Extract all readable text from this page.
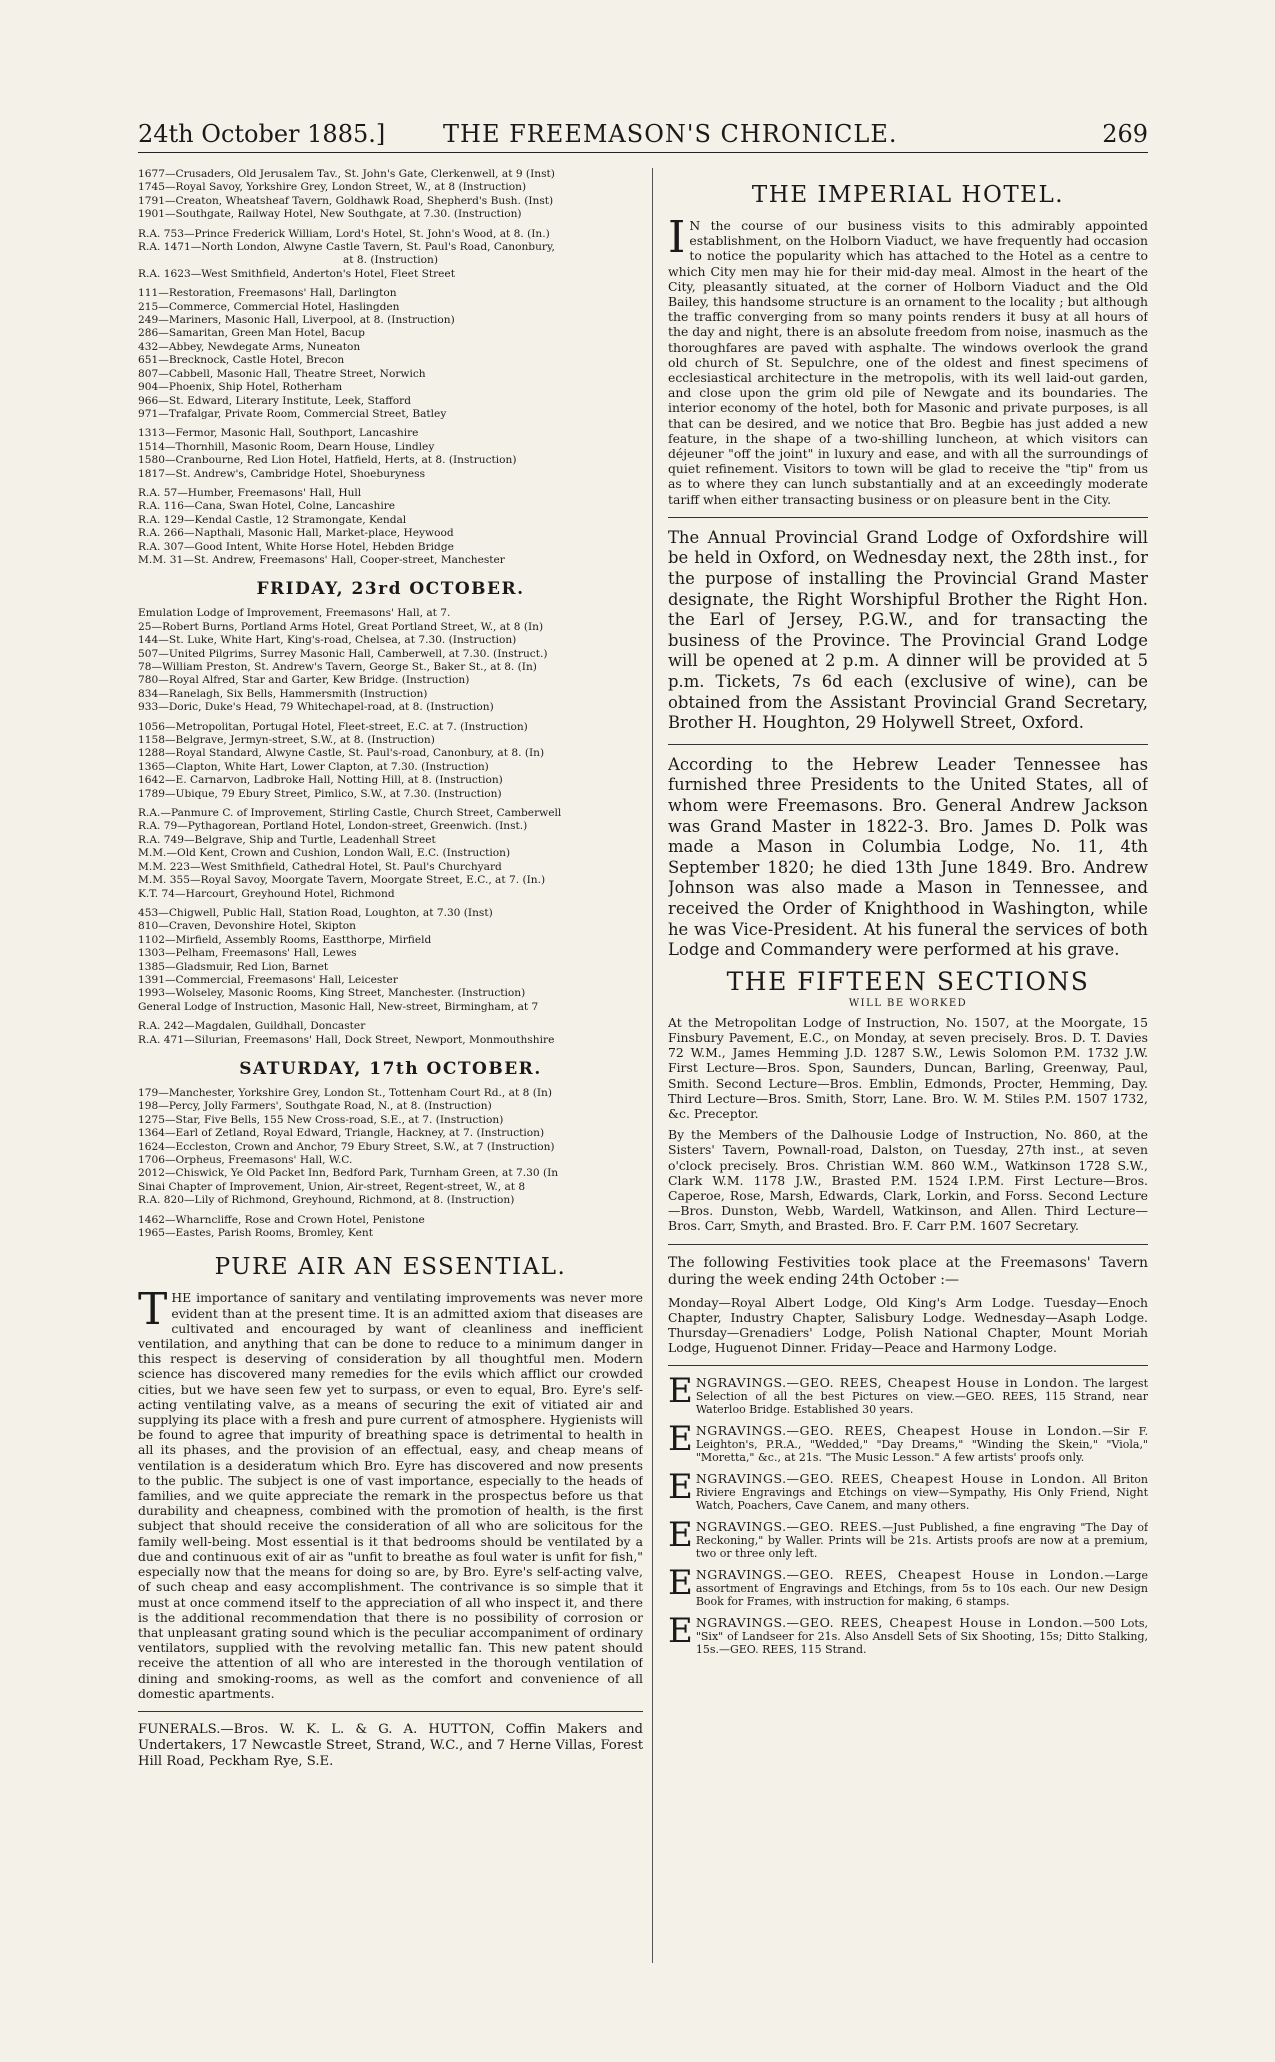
24th October 1885.] THE FREEMASON'S CHRONICLE.	269

1677—Crusaders, Old Jerusalem Tav., St. John's Gate, Clerkenwell, at 9 (Inst)

1745—Royal Savoy, Yorkshire Grey, London Street, W., at 8 (Instruction)

1791—Creaton, Wheatsheaf Tavern, Goldhawk Road, Shepherd's Bush. (Inst)

1901—Southgate, Railway Hotel, New Southgate, at 7.30. (Instruction)

R.A. 753—Prince Frederick William, Lord's Hotel, St. John's Wood, at 8. (In.)

R.A. 1471—North London, Alwyne Castle Tavern, St. Paul's Road, Canonbury,

at 8. (Instruction)

R.A. 1623—West Smithfield, Anderton's Hotel, Fleet Street

111—Restoration, Freemasons' Hall, Darlington

215—Commerce, Commercial Hotel, Haslingden

249—Mariners, Masonic Hall, Liverpool, at 8. (Instruction)

286—Samaritan, Green Man Hotel, Bacup

432—Abbey, Newdegate Arms, Nuneaton

651—Brecknock, Castle Hotel, Brecon

807—Cabbell, Masonic Hall, Theatre Street, Norwich

904—Phoenix, Ship Hotel, Rotherham

966—St. Edward, Literary Institute, Leek, Stafford

971—Trafalgar, Private Room, Commercial Street, Batley

1313—Fermor, Masonic Hall, Southport, Lancashire

1514—Thornhill, Masonic Room, Dearn House, Lindley

1580—Cranbourne, Red Lion Hotel, Hatfield, Herts, at 8. (Instruction)

1817—St. Andrew's, Cambridge Hotel, Shoeburyness

R.A. 57—Humber, Freemasons' Hall, Hull

R.A. 116—Cana, Swan Hotel, Colne, Lancashire

R.A. 129—Kendal Castle, 12 Stramongate, Kendal

R.A. 266—Napthali, Masonic Hall, Market-place, Heywood

R.A. 307—Good Intent, White Horse Hotel, Hebden Bridge

M.M. 31—St. Andrew, Freemasons' Hall, Cooper-street, Manchester

FRIDAY, 23rd OCTOBER.

Emulation Lodge of Improvement, Freemasons' Hall, at 7.

25—Robert Burns, Portland Arms Hotel, Great Portland Street, W., at 8 (In)

144—St. Luke, White Hart, King's-road, Chelsea, at 7.30. (Instruction)

507—United Pilgrims, Surrey Masonic Hall, Camberwell, at 7.30. (Instruct.)

78—William Preston, St. Andrew's Tavern, George St., Baker St., at 8. (In)

780—Royal Alfred, Star and Garter, Kew Bridge. (Instruction)

834—Ranelagh, Six Bells, Hammersmith (Instruction)

933—Doric, Duke's Head, 79 Whitechapel-road, at 8. (Instruction)

1056—Metropolitan, Portugal Hotel, Fleet-street, E.C. at 7. (Instruction)

1158—Belgrave, Jermyn-street, S.W., at 8. (Instruction)

1288—Royal Standard, Alwyne Castle, St. Paul's-road, Canonbury, at 8. (In)

1365—Clapton, White Hart, Lower Clapton, at 7.30. (Instruction)

1642—E. Carnarvon, Ladbroke Hall, Notting Hill, at 8. (Instruction)

1789—Ubique, 79 Ebury Street, Pimlico, S.W., at 7.30. (Instruction)

R.A.—Panmure C. of Improvement, Stirling Castle, Church Street, Camberwell

R.A. 79—Pythagorean, Portland Hotel, London-street, Greenwich. (Inst.)

R.A. 749—Belgrave, Ship and Turtle, Leadenhall Street

M.M.—Old Kent, Crown and Cushion, London Wall, E.C. (Instruction)

M.M. 223—West Smithfield, Cathedral Hotel, St. Paul's Churchyard

M.M. 355—Royal Savoy, Moorgate Tavern, Moorgate Street, E.C., at 7. (In.)

K.T. 74—Harcourt, Greyhound Hotel, Richmond

453—Chigwell, Public Hall, Station Road, Loughton, at 7.30 (Inst)

810—Craven, Devonshire Hotel, Skipton

1102—Mirfield, Assembly Rooms, Eastthorpe, Mirfield

1303—Pelham, Freemasons' Hall, Lewes

1385—Gladsmuir, Red Lion, Barnet

1391—Commercial, Freemasons' Hall, Leicester

1993—Wolseley, Masonic Rooms, King Street, Manchester. (Instruction)

General Lodge of Instruction, Masonic Hall, New-street, Birmingham, at 7

R.A. 242—Magdalen, Guildhall, Doncaster

R.A. 471—Silurian, Freemasons' Hall, Dock Street, Newport, Monmouthshire

SATURDAY, 17th OCTOBER.

179—Manchester, Yorkshire Grey, London St., Tottenham Court Rd., at 8 (In)

198—Percy, Jolly Farmers', Southgate Road, N., at 8. (Instruction)

1275—Star, Five Bells, 155 New Cross-road, S.E., at 7. (Instruction)

1364—Earl of Zetland, Royal Edward, Triangle, Hackney, at 7. (Instruction)

1624—Eccleston, Crown and Anchor, 79 Ebury Street, S.W., at 7 (Instruction)

1706—Orpheus, Freemasons' Hall, W.C.

2012—Chiswick, Ye Old Packet Inn, Bedford Park, Turnham Green, at 7.30 (In

Sinai Chapter of Improvement, Union, Air-street, Regent-street, W., at 8

R.A. 820—Lily of Richmond, Greyhound, Richmond, at 8. (Instruction)

1462—Wharncliffe, Rose and Crown Hotel, Penistone

1965—Eastes, Parish Rooms, Bromley, Kent

PURE AIR AN ESSENTIAL.

THE importance of sanitary and ventilating improvements was never more evident than at the present time. It is an admitted axiom that diseases are cultivated and encouraged by want of cleanliness and inefficient ventilation, and anything that can be done to reduce to a minimum danger in this respect is deserving of consideration by all thoughtful men. Modern science has discovered many remedies for the evils which afflict our crowded cities, but we have seen few yet to surpass, or even to equal, Bro. Eyre's self-acting ventilating valve, as a means of securing the exit of vitiated air and supplying its place with a fresh and pure current of atmosphere. Hygienists will be found to agree that impurity of breathing space is detrimental to health in all its phases, and the provision of an effectual, easy, and cheap means of ventilation is a desideratum which Bro. Eyre has discovered and now presents to the public. The subject is one of vast importance, especially to the heads of families, and we quite appreciate the remark in the prospectus before us that durability and cheapness, combined with the promotion of health, is the first subject that should receive the consideration of all who are solicitous for the family well-being. Most essential is it that bedrooms should be ventilated by a due and continuous exit of air as "unfit to breathe as foul water is unfit for fish," especially now that the means for doing so are, by Bro. Eyre's self-acting valve, of such cheap and easy accomplishment. The contrivance is so simple that it must at once commend itself to the appreciation of all who inspect it, and there is the additional recommendation that there is no possibility of corrosion or that unpleasant grating sound which is the peculiar accompaniment of ordinary ventilators, supplied with the revolving metallic fan. This new patent should receive the attention of all who are interested in the thorough ventilation of dining and smoking-rooms, as well as the comfort and convenience of all domestic apartments.

FUNERALS.—Bros. W. K. L. & G. A. HUTTON, Coffin Makers and Undertakers, 17 Newcastle Street, Strand, W.C., and 7 Herne Villas, Forest Hill Road, Peckham Rye, S.E.

THE IMPERIAL HOTEL.

I N the course of our business visits to this admirably appointed establishment, on the Holborn Viaduct, we have frequently had occasion to notice the popularity which has attached to the Hotel as a centre to which City men may hie for their mid-day meal. Almost in the heart of the City, pleasantly situated, at the corner of Holborn Viaduct and the Old Bailey, this handsome structure is an ornament to the locality ; but although the traffic converging from so many points renders it busy at all hours of the day and night, there is an absolute freedom from noise, inasmuch as the thoroughfares are paved with asphalte. The windows overlook the grand old church of St. Sepulchre, one of the oldest and finest specimens of ecclesiastical architecture in the metropolis, with its well laid-out garden, and close upon the grim old pile of Newgate and its boundaries. The interior economy of the hotel, both for Masonic and private purposes, is all that can be desired, and we notice that Bro. Begbie has just added a new feature, in the shape of a two-shilling luncheon, at which visitors can déjeuner "off the joint" in luxury and ease, and with all the surroundings of quiet refinement. Visitors to town will be glad to receive the "tip" from us as to where they can lunch substantially and at an exceedingly moderate tariff when either transacting business or on pleasure bent in the City.

The Annual Provincial Grand Lodge of Oxfordshire will be held in Oxford, on Wednesday next, the 28th inst., for the purpose of installing the Provincial Grand Master designate, the Right Worshipful Brother the Right Hon. the Earl of Jersey, P.G.W., and for transacting the business of the Province. The Provincial Grand Lodge will be opened at 2 p.m. A dinner will be provided at 5 p.m. Tickets, 7s 6d each (exclusive of wine), can be obtained from the Assistant Provincial Grand Secretary, Brother H. Houghton, 29 Holywell Street, Oxford.

According to the Hebrew Leader Tennessee has furnished three Presidents to the United States, all of whom were Freemasons. Bro. General Andrew Jackson was Grand Master in 1822-3. Bro. James D. Polk was made a Mason in Columbia Lodge, No. 11, 4th September 1820; he died 13th June 1849. Bro. Andrew Johnson was also made a Mason in Tennessee, and received the Order of Knighthood in Washington, while he was Vice-President. At his funeral the services of both Lodge and Commandery were performed at his grave.

THE FIFTEEN SECTIONS
WILL BE WORKED

At the Metropolitan Lodge of Instruction, No. 1507, at the Moorgate, 15 Finsbury Pavement, E.C., on Monday, at seven precisely. Bros. D. T. Davies 72 W.M., James Hemming J.D. 1287 S.W., Lewis Solomon P.M. 1732 J.W. First Lecture—Bros. Spon, Saunders, Duncan, Barling, Greenway, Paul, Smith. Second Lecture—Bros. Emblin, Edmonds, Procter, Hemming, Day. Third Lecture—Bros. Smith, Storr, Lane. Bro. W. M. Stiles P.M. 1507 1732, &c. Preceptor.

By the Members of the Dalhousie Lodge of Instruction, No. 860, at the Sisters' Tavern, Pownall-road, Dalston, on Tuesday, 27th inst., at seven o'clock precisely. Bros. Christian W.M. 860 W.M., Watkinson 1728 S.W., Clark W.M. 1178 J.W., Brasted P.M. 1524 I.P.M. First Lecture—Bros. Caperoe, Rose, Marsh, Edwards, Clark, Lorkin, and Forss. Second Lecture—Bros. Dunston, Webb, Wardell, Watkinson, and Allen. Third Lecture—Bros. Carr, Smyth, and Brasted. Bro. F. Carr P.M. 1607 Secretary.

The following Festivities took place at the Freemasons' Tavern during the week ending 24th October :—

Monday—Royal Albert Lodge, Old King's Arm Lodge. Tuesday—Enoch Chapter, Industry Chapter, Salisbury Lodge. Wednesday—Asaph Lodge. Thursday—Grenadiers' Lodge, Polish National Chapter, Mount Moriah Lodge, Huguenot Dinner. Friday—Peace and Harmony Lodge.

ENGRAVINGS.—GEO. REES, Cheapest House in London. The largest Selection of all the best Pictures on view.—GEO. REES, 115 Strand, near Waterloo Bridge. Established 30 years.

ENGRAVINGS.—GEO. REES, Cheapest House in London.—Sir F. Leighton's, P.R.A., "Wedded," "Day Dreams," "Winding the Skein," "Viola," "Moretta," &c., at 21s. "The Music Lesson." A few artists' proofs only.

ENGRAVINGS.—GEO. REES, Cheapest House in London. All Briton Riviere Engravings and Etchings on view—Sympathy, His Only Friend, Night Watch, Poachers, Cave Canem, and many others.

ENGRAVINGS.—GEO. REES.—Just Published, a fine engraving "The Day of Reckoning," by Waller. Prints will be 21s. Artists proofs are now at a premium, two or three only left.

ENGRAVINGS.—GEO. REES, Cheapest House in London.—Large assortment of Engravings and Etchings, from 5s to 10s each. Our new Design Book for Frames, with instruction for making, 6 stamps.

ENGRAVINGS.—GEO. REES, Cheapest House in London.—500 Lots, "Six" of Landseer for 21s. Also Ansdell Sets of Six Shooting, 15s; Ditto Stalking, 15s.—GEO. REES, 115 Strand.
